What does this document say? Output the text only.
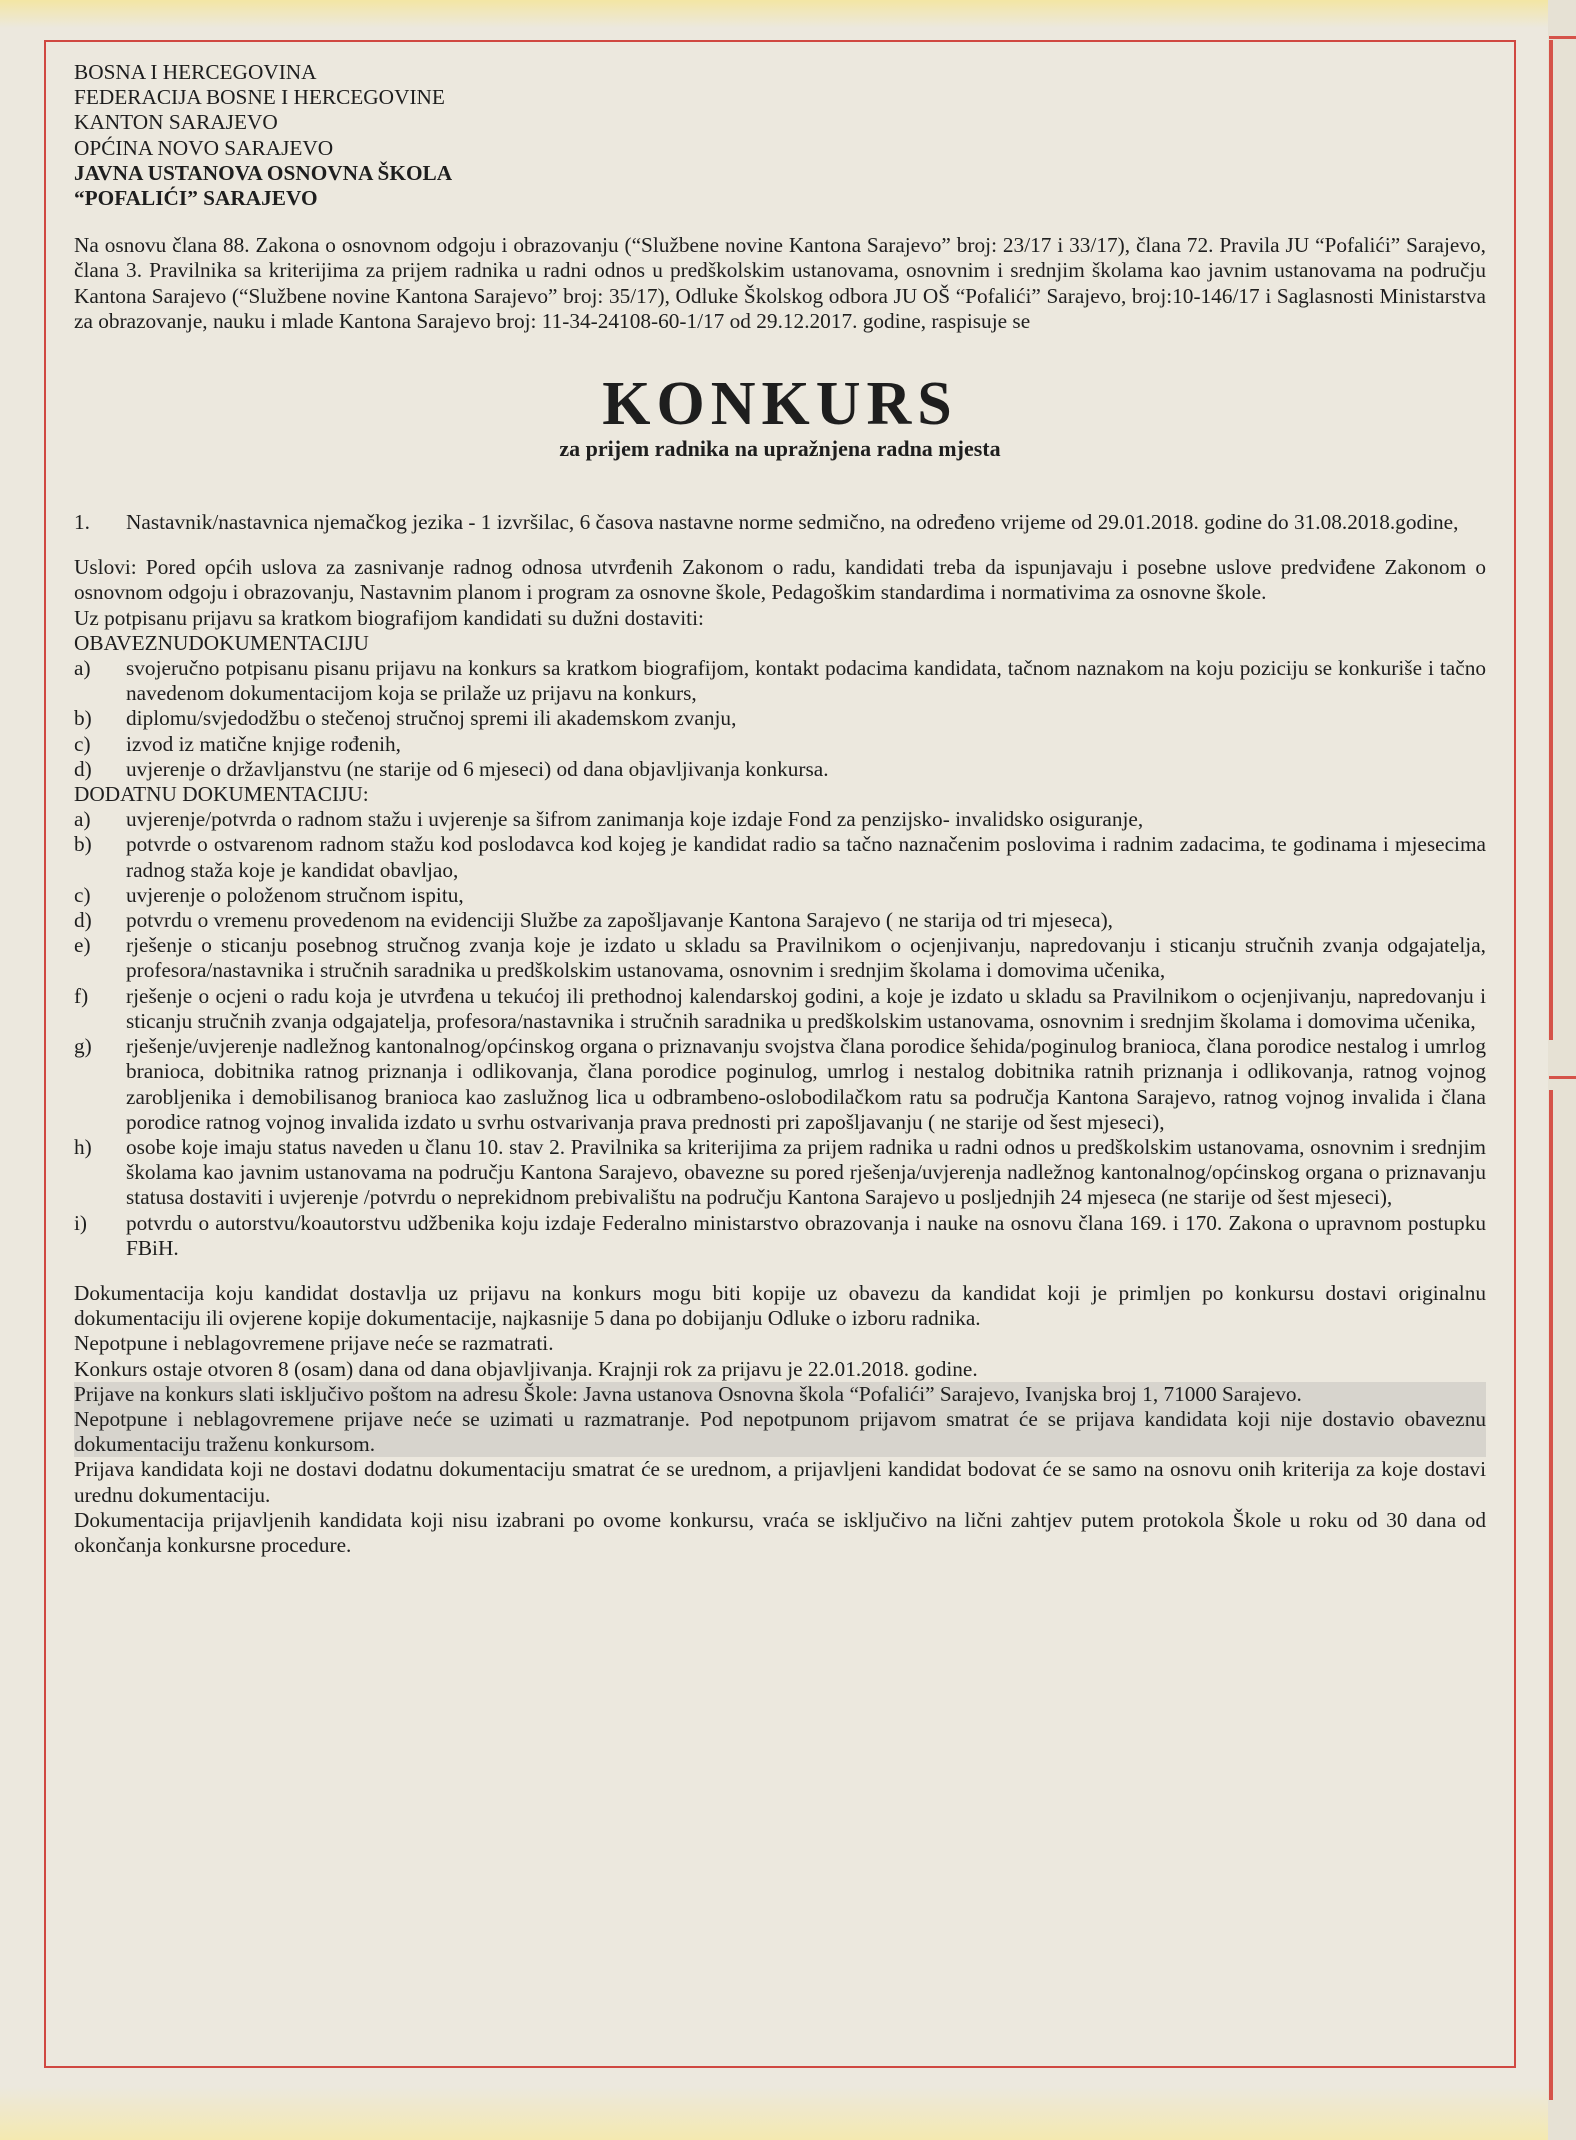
BOSNA I HERCEGOVINA

FEDERACIJA BOSNE I HERCEGOVINE

KANTON SARAJEVO

OPĆINA NOVO SARAJEVO

JAVNA USTANOVA OSNOVNA ŠKOLA

“POFALIĆI” SARAJEVO

Na osnovu člana 88. Zakona o osnovnom odgoju i obrazovanju (“Službene novine Kantona Sarajevo” broj: 23/17 i 33/17), člana 72. Pravila JU “Pofalići” Sarajevo, člana 3. Pravilnika sa kriterijima za prijem radnika u radni odnos u predškolskim ustanovama, osnovnim i srednjim školama kao javnim ustanovama na području Kantona Sarajevo (“Službene novine Kantona Sarajevo” broj: 35/17), Odluke Školskog odbora JU OŠ “Pofalići” Sarajevo, broj:10-146/17 i Saglasnosti Ministarstva za obrazovanje, nauku i mlade Kantona Sarajevo broj: 11-34-24108-60-1/17 od 29.12.2017. godine, raspisuje se

KONKURS

za prijem radnika na upražnjena radna mjesta

1.	Nastavnik/nastavnica njemačkog jezika - 1 izvršilac, 6 časova nastavne norme sedmično, na određeno vrijeme od 29.01.2018. godine do 31.08.2018.godine,

Uslovi: Pored općih uslova za zasnivanje radnog odnosa utvrđenih Zakonom o radu, kandidati treba da ispunjavaju i posebne uslove predviđene Zakonom o osnovnom odgoju i obrazovanju, Nastavnim planom i program za osnovne škole, Pedagoškim standardima i normativima za osnovne škole.

Uz potpisanu prijavu sa kratkom biografijom kandidati su dužni dostaviti:

OBAVEZNUDOKUMENTACIJU

a)	svojeručno potpisanu pisanu prijavu na konkurs sa kratkom biografijom, kontakt podacima kandidata, tačnom naznakom na koju poziciju se konkuriše i tačno navedenom dokumentacijom koja se prilaže uz prijavu na konkurs,
b)	diplomu/svjedodžbu o stečenoj stručnoj spremi ili akademskom zvanju,
c)	izvod iz matične knjige rođenih,
d)	uvjerenje o državljanstvu (ne starije od 6 mjeseci) od dana objavljivanja konkursa.

DODATNU DOKUMENTACIJU:

a)	uvjerenje/potvrda o radnom stažu i uvjerenje sa šifrom zanimanja koje izdaje Fond za penzijsko- invalidsko osiguranje,
b)	potvrde o ostvarenom radnom stažu kod poslodavca kod kojeg je kandidat radio sa tačno naznačenim poslovima i radnim zadacima, te godinama i mjesecima radnog staža koje je kandidat obavljao,
c)	uvjerenje o položenom stručnom ispitu,
d)	potvrdu o vremenu provedenom na evidenciji Službe za zapošljavanje Kantona Sarajevo ( ne starija od tri mjeseca),
e)	rješenje o sticanju posebnog stručnog zvanja koje je izdato u skladu sa Pravilnikom o ocjenjivanju, napredovanju i sticanju stručnih zvanja odgajatelja, profesora/nastavnika i stručnih saradnika u predškolskim ustanovama, osnovnim i srednjim školama i domovima učenika,
f)	rješenje o ocjeni o radu koja je utvrđena u tekućoj ili prethodnoj kalendarskoj godini, a koje je izdato u skladu sa Pravilnikom o ocjenjivanju, napredovanju i sticanju stručnih zvanja odgajatelja, profesora/nastavnika i stručnih saradnika u predškolskim ustanovama, osnovnim i srednjim školama i domovima učenika,
g)	rješenje/uvjerenje nadležnog kantonalnog/općinskog organa o priznavanju svojstva člana porodice šehida/poginulog branioca, člana porodice nestalog i umrlog branioca, dobitnika ratnog priznanja i odlikovanja, člana porodice poginulog, umrlog i nestalog dobitnika ratnih priznanja i odlikovanja, ratnog vojnog zarobljenika i demobilisanog branioca kao zaslužnog lica u odbrambeno-oslobodilačkom ratu sa područja Kantona Sarajevo, ratnog vojnog invalida i člana porodice ratnog vojnog invalida izdato u svrhu ostvarivanja prava prednosti pri zapošljavanju ( ne starije od šest mjeseci),
h)	osobe koje imaju status naveden u članu 10. stav 2. Pravilnika sa kriterijima za prijem radnika u radni odnos u predškolskim ustanovama, osnovnim i srednjim školama kao javnim ustanovama na području Kantona Sarajevo, obavezne su pored rješenja/uvjerenja nadležnog kantonalnog/općinskog organa o priznavanju statusa dostaviti i uvjerenje /potvrdu o neprekidnom prebivalištu na području Kantona Sarajevo u posljednjih 24 mjeseca (ne starije od šest mjeseci),
i)	potvrdu o autorstvu/koautorstvu udžbenika koju izdaje Federalno ministarstvo obrazovanja i nauke na osnovu člana 169. i 170. Zakona o upravnom postupku FBiH.

Dokumentacija koju kandidat dostavlja uz prijavu na konkurs mogu biti kopije uz obavezu da kandidat koji je primljen po konkursu dostavi originalnu dokumentaciju ili ovjerene kopije dokumentacije, najkasnije 5 dana po dobijanju Odluke o izboru radnika.

Nepotpune i neblagovremene prijave neće se razmatrati.

Konkurs ostaje otvoren 8 (osam) dana od dana objavljivanja. Krajnji rok za prijavu je 22.01.2018. godine.

Prijave na konkurs slati isključivo poštom na adresu Škole: Javna ustanova Osnovna škola “Pofalići” Sarajevo, Ivanjska broj 1, 71000 Sarajevo.

Nepotpune i neblagovremene prijave neće se uzimati u razmatranje. Pod nepotpunom prijavom smatrat će se prijava kandidata koji nije dostavio obaveznu dokumentaciju traženu konkursom.

Prijava kandidata koji ne dostavi dodatnu dokumentaciju smatrat će se urednom, a prijavljeni kandidat bodovat će se samo na osnovu onih kriterija za koje dostavi urednu dokumentaciju.

Dokumentacija prijavljenih kandidata koji nisu izabrani po ovome konkursu, vraća se isključivo na lični zahtjev putem protokola Škole u roku od 30 dana od okončanja konkursne procedure.
